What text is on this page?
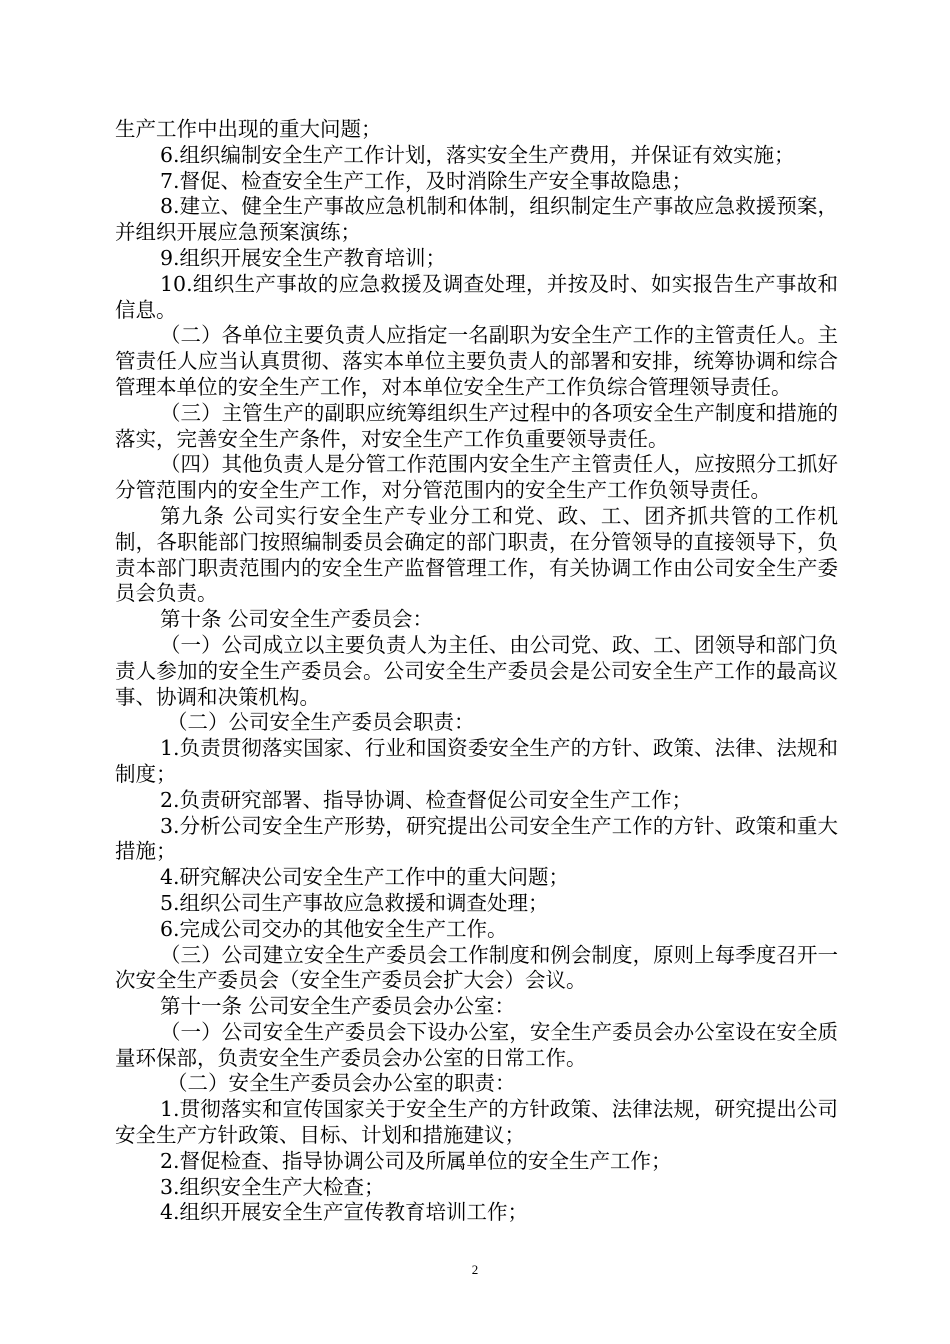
生产工作中出现的重大问题；

6.组织编制安全生产工作计划，落实安全生产费用，并保证有效实施；

7.督促、检查安全生产工作，及时消除生产安全事故隐患；

8.建立、健全生产事故应急机制和体制，组织制定生产事故应急救援预案，并组织开展应急预案演练；

9.组织开展安全生产教育培训；

10.组织生产事故的应急救援及调查处理，并按及时、如实报告生产事故和信息。

（二）各单位主要负责人应指定一名副职为安全生产工作的主管责任人。主管责任人应当认真贯彻、落实本单位主要负责人的部署和安排，统筹协调和综合管理本单位的安全生产工作，对本单位安全生产工作负综合管理领导责任。

（三）主管生产的副职应统筹组织生产过程中的各项安全生产制度和措施的落实，完善安全生产条件，对安全生产工作负重要领导责任。

（四）其他负责人是分管工作范围内安全生产主管责任人，应按照分工抓好分管范围内的安全生产工作，对分管范围内的安全生产工作负领导责任。

第九条 公司实行安全生产专业分工和党、政、工、团齐抓共管的工作机制，各职能部门按照编制委员会确定的部门职责，在分管领导的直接领导下，负责本部门职责范围内的安全生产监督管理工作，有关协调工作由公司安全生产委员会负责。

第十条 公司安全生产委员会：

（一）公司成立以主要负责人为主任、由公司党、政、工、团领导和部门负责人参加的安全生产委员会。公司安全生产委员会是公司安全生产工作的最高议事、协调和决策机构。

（二）公司安全生产委员会职责：

1.负责贯彻落实国家、行业和国资委安全生产的方针、政策、法律、法规和制度；

2.负责研究部署、指导协调、检查督促公司安全生产工作；

3.分析公司安全生产形势，研究提出公司安全生产工作的方针、政策和重大措施；

4.研究解决公司安全生产工作中的重大问题；

5.组织公司生产事故应急救援和调查处理；

6.完成公司交办的其他安全生产工作。

（三）公司建立安全生产委员会工作制度和例会制度，原则上每季度召开一次安全生产委员会（安全生产委员会扩大会）会议。

第十一条 公司安全生产委员会办公室：

（一）公司安全生产委员会下设办公室，安全生产委员会办公室设在安全质量环保部，负责安全生产委员会办公室的日常工作。

（二）安全生产委员会办公室的职责：

1.贯彻落实和宣传国家关于安全生产的方针政策、法律法规，研究提出公司安全生产方针政策、目标、计划和措施建议；

2.督促检查、指导协调公司及所属单位的安全生产工作；

3.组织安全生产大检查；

4.组织开展安全生产宣传教育培训工作；

2
